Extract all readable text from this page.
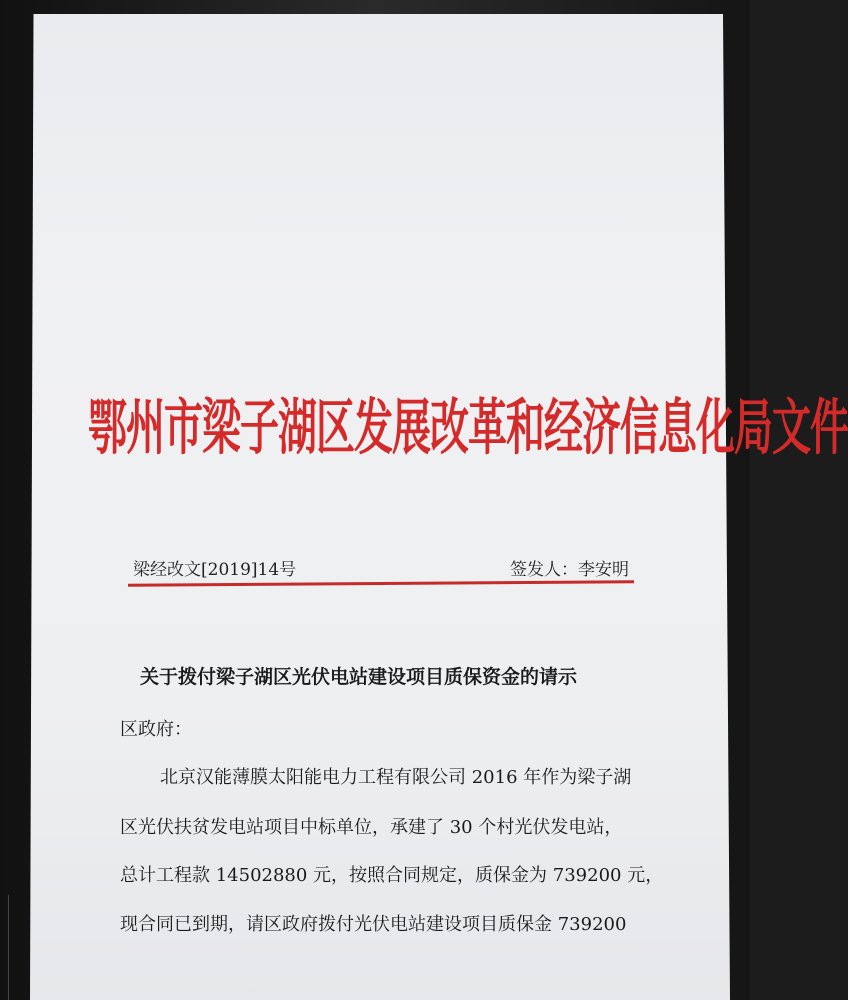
鄂州市梁子湖区发展改革和经济信息化局文件
梁经改文[2019]14号	签发人：李安明
关于拨付梁子湖区光伏电站建设项目质保资金的请示
区政府：
北京汉能薄膜太阳能电力工程有限公司 2016 年作为梁子湖
区光伏扶贫发电站项目中标单位，承建了 30 个村光伏发电站，
总计工程款 14502880 元，按照合同规定，质保金为 739200 元，
现合同已到期，请区政府拨付光伏电站建设项目质保金 739200
